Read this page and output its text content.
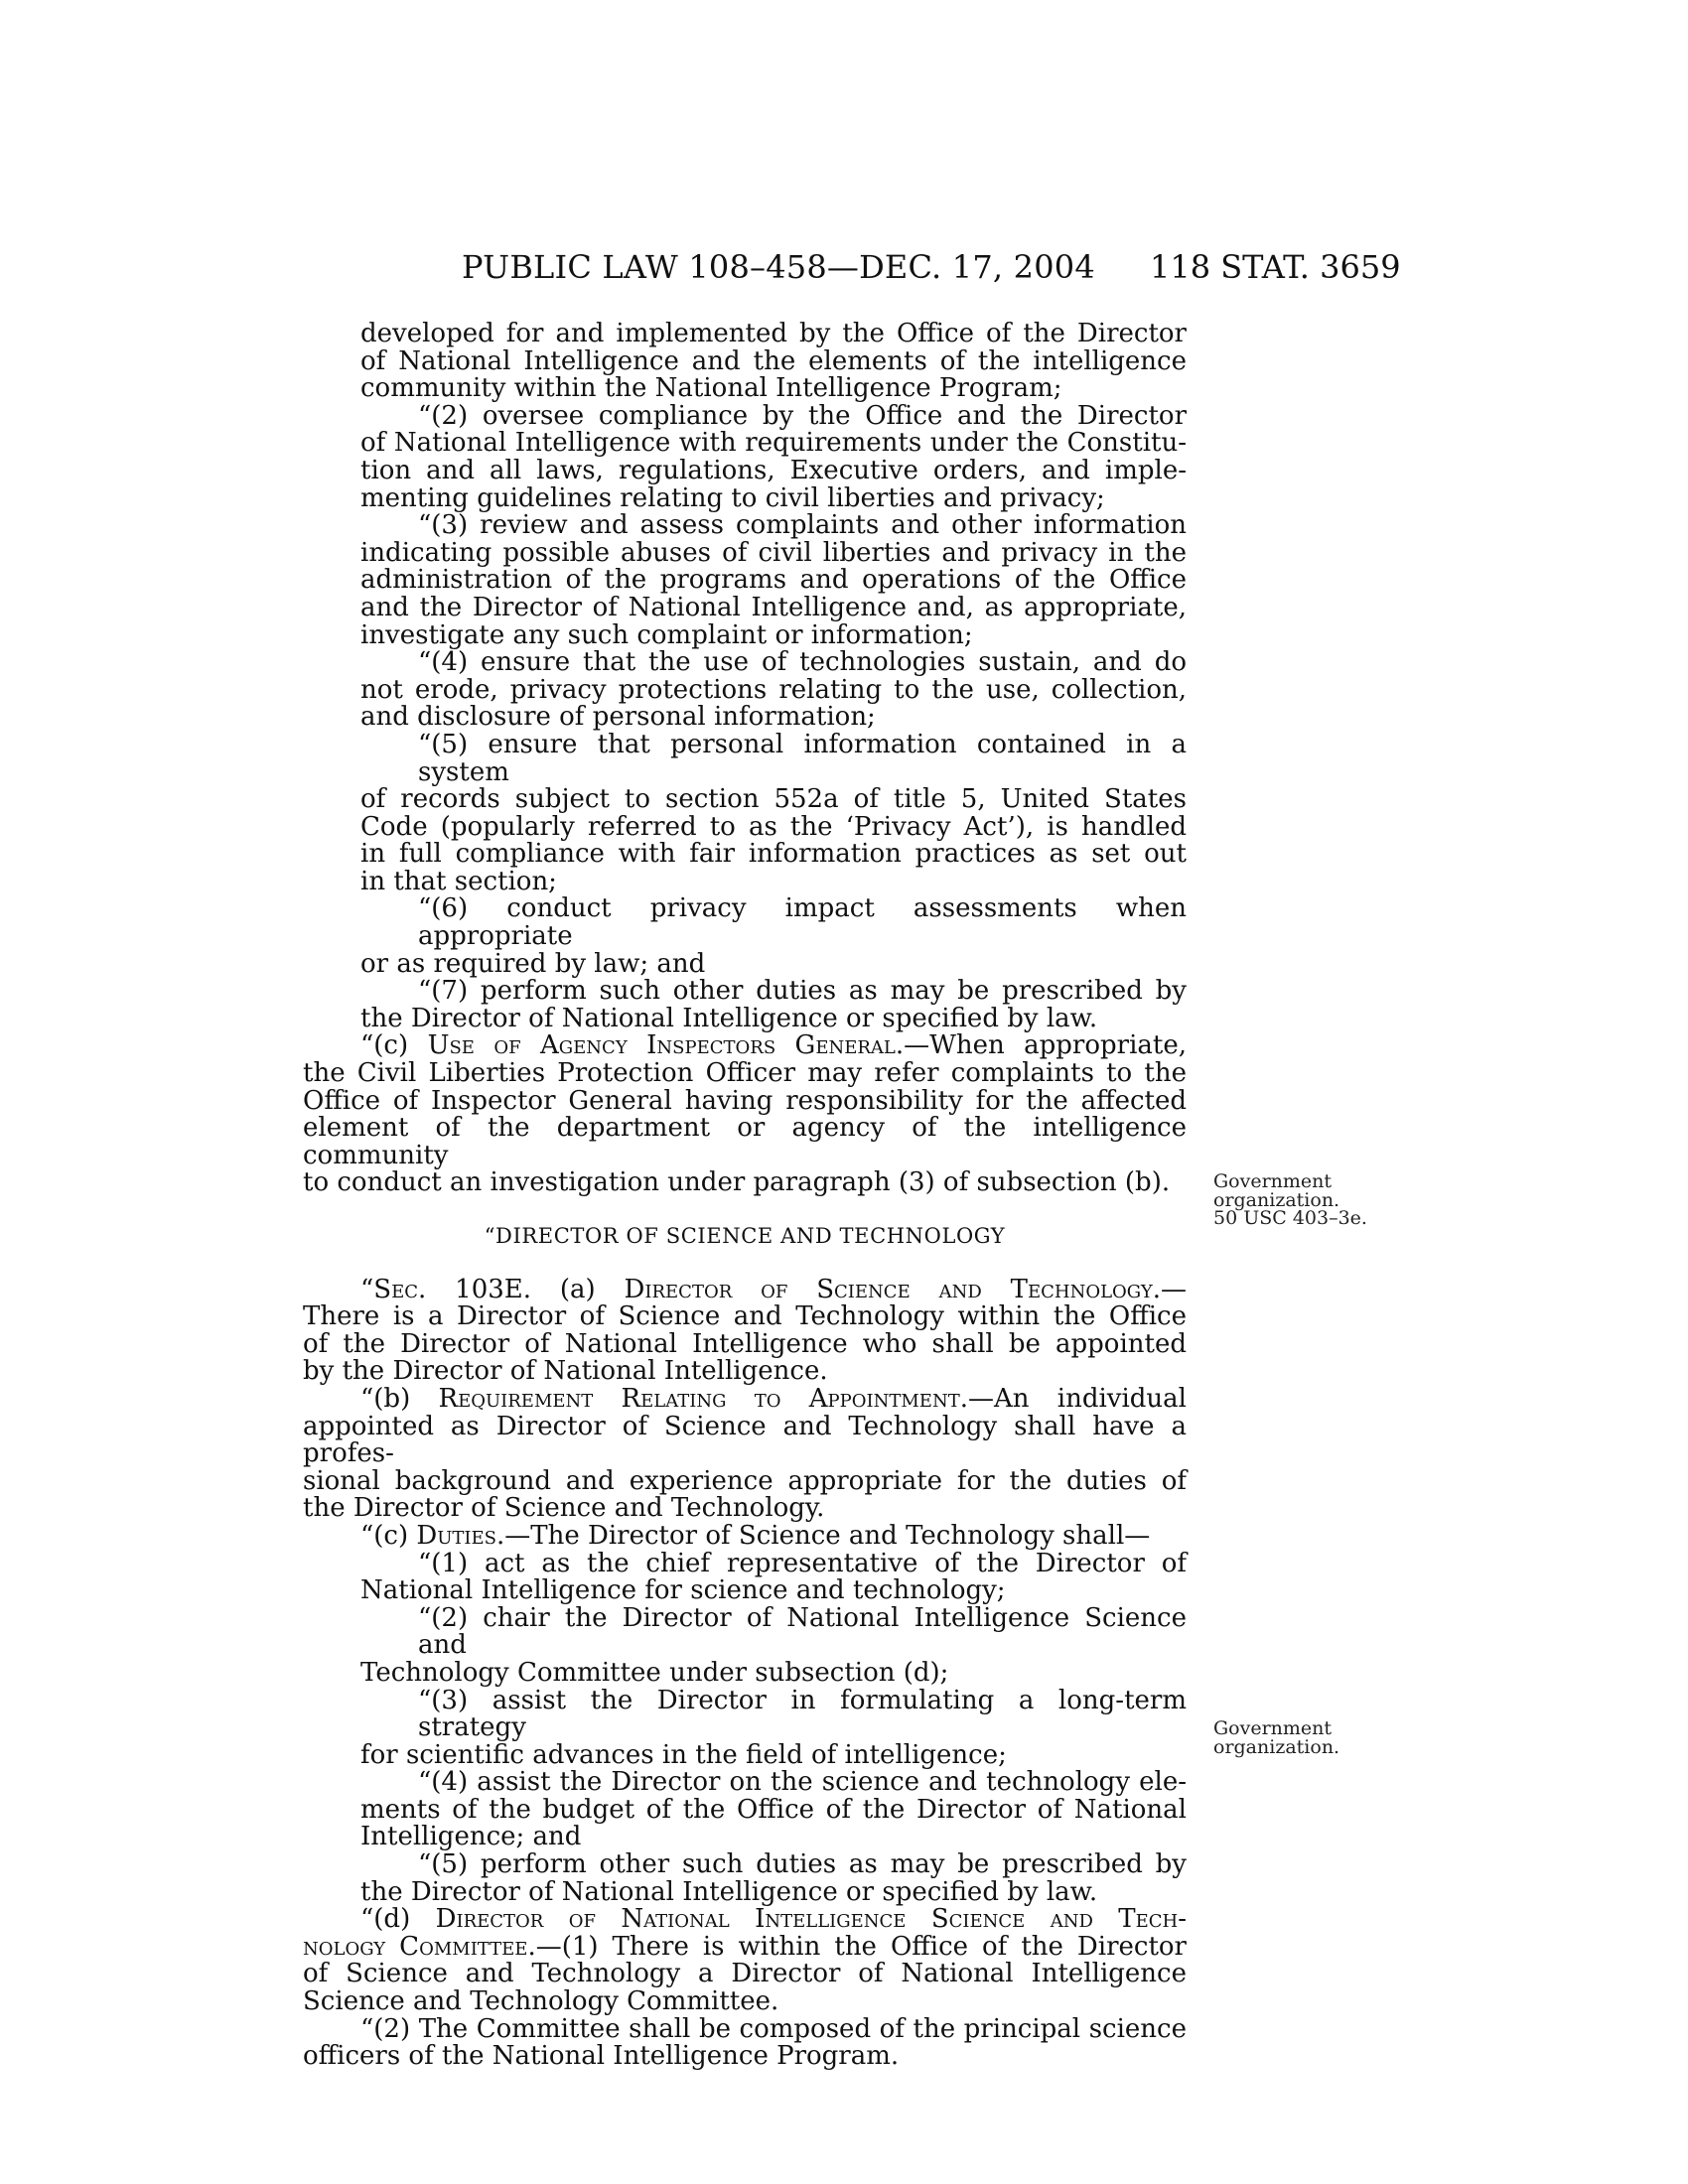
PUBLIC LAW 108–458—DEC. 17, 2004 118 STAT. 3659
developed for and implemented by the Office of the Director
of National Intelligence and the elements of the intelligence
community within the National Intelligence Program;
“(2) oversee compliance by the Office and the Director
of National Intelligence with requirements under the Constitu-
tion and all laws, regulations, Executive orders, and imple-
menting guidelines relating to civil liberties and privacy;
“(3) review and assess complaints and other information
indicating possible abuses of civil liberties and privacy in the
administration of the programs and operations of the Office
and the Director of National Intelligence and, as appropriate,
investigate any such complaint or information;
“(4) ensure that the use of technologies sustain, and do
not erode, privacy protections relating to the use, collection,
and disclosure of personal information;
“(5) ensure that personal information contained in a system
of records subject to section 552a of title 5, United States
Code (popularly referred to as the ‘Privacy Act’), is handled
in full compliance with fair information practices as set out
in that section;
“(6) conduct privacy impact assessments when appropriate
or as required by law; and
“(7) perform such other duties as may be prescribed by
the Director of National Intelligence or specified by law.
“(c) Use of Agency Inspectors General.—When appropriate,
the Civil Liberties Protection Officer may refer complaints to the
Office of Inspector General having responsibility for the affected
element of the department or agency of the intelligence community
to conduct an investigation under paragraph (3) of subsection (b).
“DIRECTOR OF SCIENCE AND TECHNOLOGY
“Sec. 103E. (a) Director of Science and Technology.—
There is a Director of Science and Technology within the Office
of the Director of National Intelligence who shall be appointed
by the Director of National Intelligence.
“(b) Requirement Relating to Appointment.—An individual
appointed as Director of Science and Technology shall have a profes-
sional background and experience appropriate for the duties of
the Director of Science and Technology.
“(c) Duties.—The Director of Science and Technology shall—
“(1) act as the chief representative of the Director of
National Intelligence for science and technology;
“(2) chair the Director of National Intelligence Science and
Technology Committee under subsection (d);
“(3) assist the Director in formulating a long-term strategy
for scientific advances in the field of intelligence;
“(4) assist the Director on the science and technology ele-
ments of the budget of the Office of the Director of National
Intelligence; and
“(5) perform other such duties as may be prescribed by
the Director of National Intelligence or specified by law.
“(d) Director of National Intelligence Science and Tech-
nology Committee.—(1) There is within the Office of the Director
of Science and Technology a Director of National Intelligence
Science and Technology Committee.
“(2) The Committee shall be composed of the principal science
officers of the National Intelligence Program.
Government
organization.
50 USC 403–3e.
Government
organization.
